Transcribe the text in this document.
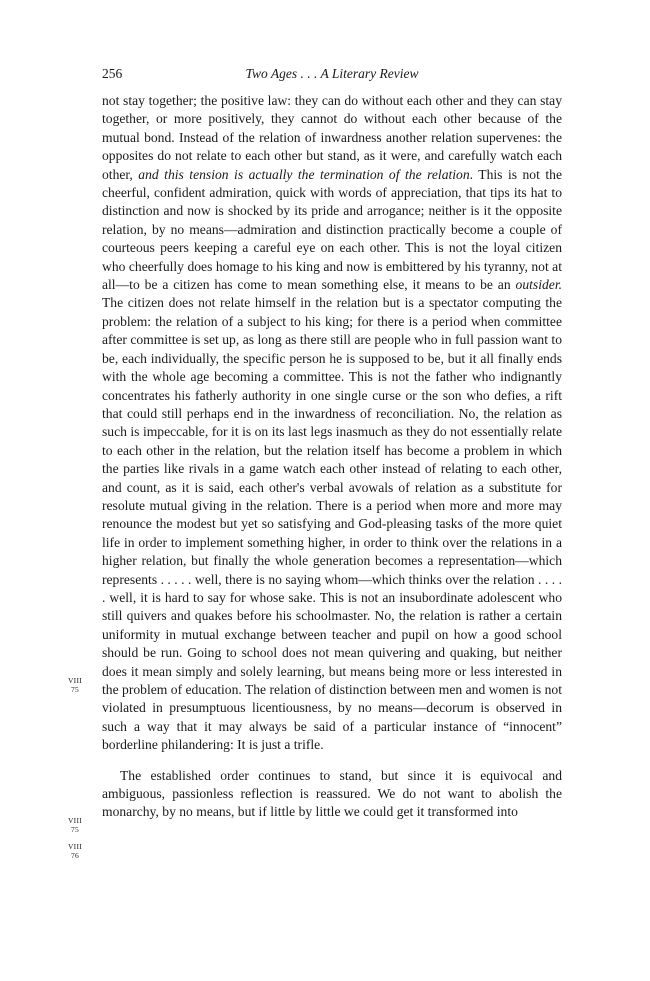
256	Two Ages . . . A Literary Review

not stay together; the positive law: they can do without each other and they can stay together, or more positively, they cannot do without each other because of the mutual bond. Instead of the relation of inwardness another relation supervenes: the opposites do not relate to each other but stand, as it were, and carefully watch each other, and this tension is actually the termination of the relation. This is not the cheerful, confident admiration, quick with words of appreciation, that tips its hat to distinction and now is shocked by its pride and arrogance; neither is it the opposite relation, by no means—admiration and distinction practically become a couple of courteous peers keeping a careful eye on each other. This is not the loyal citizen who cheerfully does homage to his king and now is embittered by his tyranny, not at all—to be a citizen has come to mean something else, it means to be an outsider. The citizen does not relate himself in the relation but is a spectator computing the problem: the relation of a subject to his king; for there is a period when committee after committee is set up, as long as there still are people who in full passion want to be, each individually, the specific person he is supposed to be, but it all finally ends with the whole age becoming a committee. This is not the father who indignantly concentrates his fatherly authority in one single curse or the son who defies, a rift that could still perhaps end in the inwardness of reconciliation. No, the relation as such is impeccable, for it is on its last legs inasmuch as they do not essentially relate to each other in the relation, but the relation itself has become a problem in which the parties like rivals in a game watch each other instead of relating to each other, and count, as it is said, each other's verbal avowals of relation as a substitute for resolute mutual giving in the relation. There is a period when more and more may renounce the modest but yet so satisfying and God-pleasing tasks of the more quiet life in order to implement something higher, in order to think over the relations in a higher relation, but finally the whole generation becomes a representation—which represents . . . . . well, there is no saying whom—which thinks over the relation . . . . . well, it is hard to say for whose sake. This is not an insubordinate adolescent who still quivers and quakes before his schoolmaster. No, the relation is rather a certain uniformity in mutual exchange between teacher and pupil on how a good school should be run. Going to school does not mean quivering and quaking, but neither does it mean simply and solely learning, but means being more or less interested in the problem of education. The relation of distinction between men and women is not violated in presumptuous licentiousness, by no means—decorum is observed in such a way that it may always be said of a particular instance of “innocent” borderline philandering: It is just a trifle.

The established order continues to stand, but since it is equivocal and ambiguous, passionless reflection is reassured. We do not want to abolish the monarchy, by no means, but if little by little we could get it transformed into

VIII
75
VIII
75
VIII
76
